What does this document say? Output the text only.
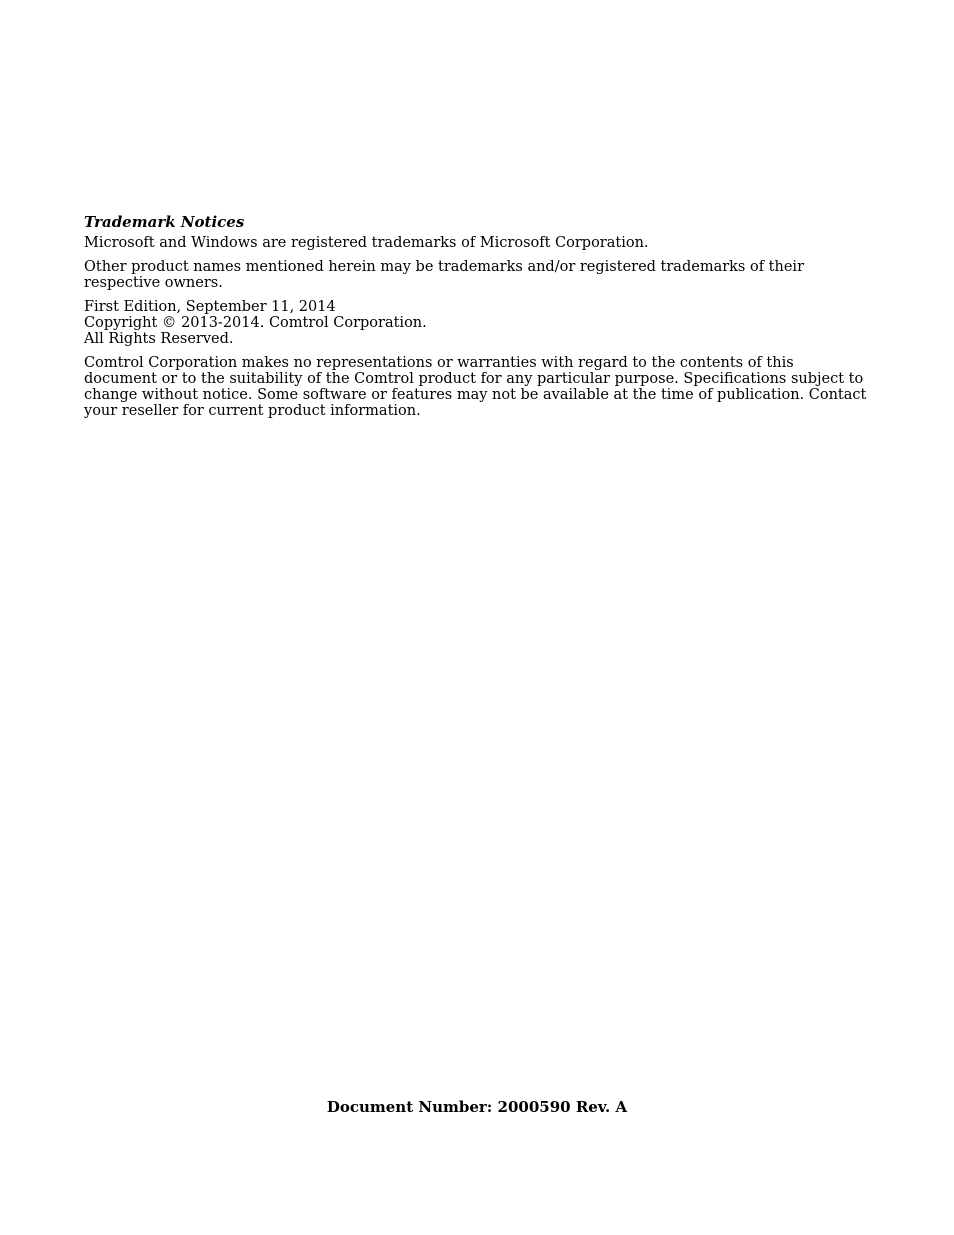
Trademark Notices

Microsoft and Windows are registered trademarks of Microsoft Corporation.

Other product names mentioned herein may be trademarks and/or registered trademarks of their respective owners.

First Edition, September 11, 2014
Copyright © 2013-2014. Comtrol Corporation.
All Rights Reserved.

Comtrol Corporation makes no representations or warranties with regard to the contents of this document or to the suitability of the Comtrol product for any particular purpose. Specifications subject to change without notice. Some software or features may not be available at the time of publication. Contact your reseller for current product information.

Document Number: 2000590 Rev. A
